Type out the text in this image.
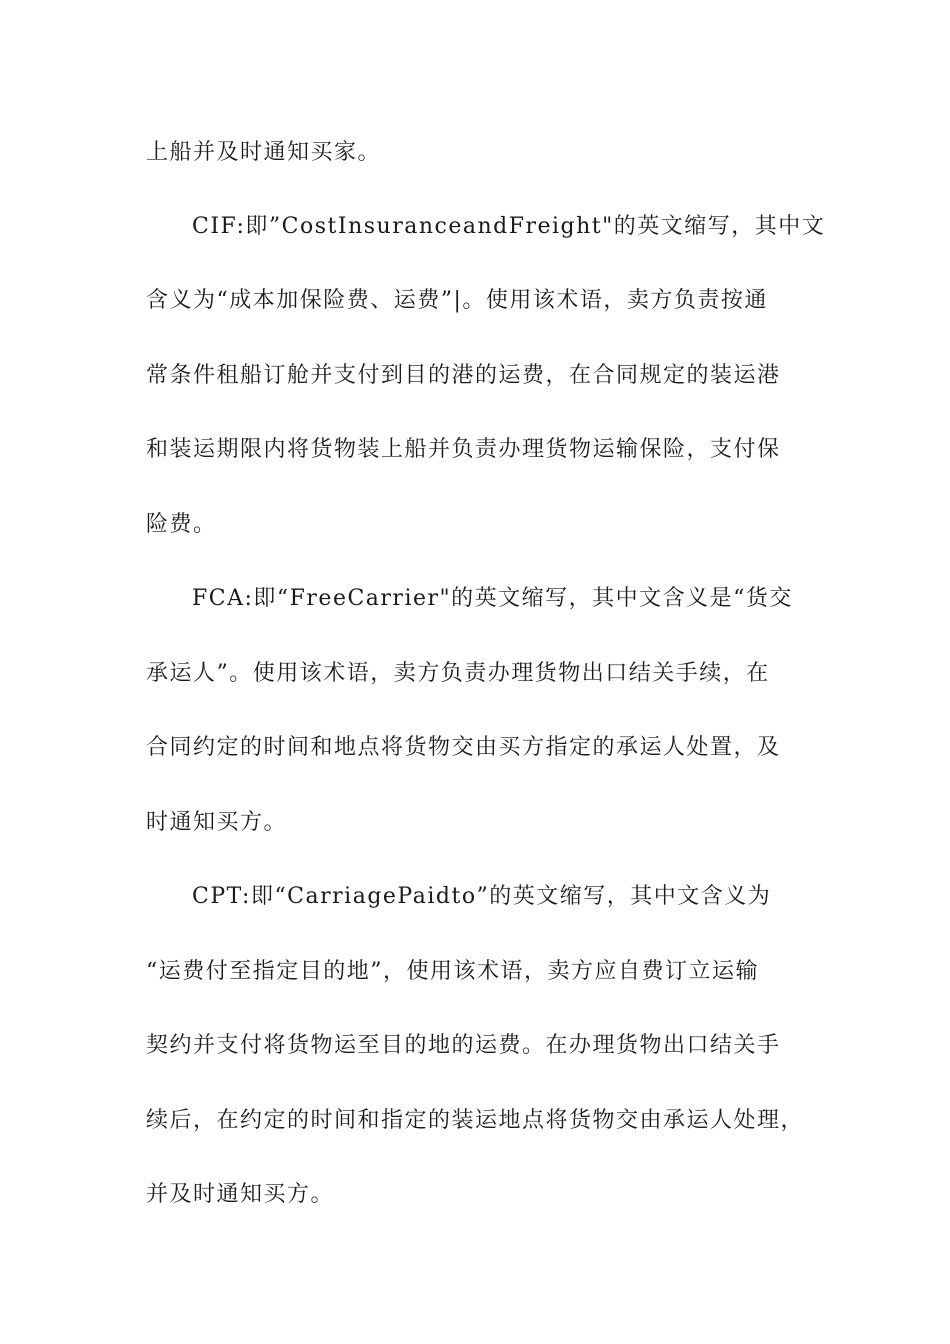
上船并及时通知买家。
CIF:即”CostInsuranceandFreight"的英文缩写，其中文
含义为“成本加保险费、运费”|。使用该术语，卖方负责按通
常条件租船订舱并支付到目的港的运费，在合同规定的装运港
和装运期限内将货物装上船并负责办理货物运输保险，支付保
险费。
FCA:即“FreeCarrier"的英文缩写，其中文含义是“货交
承运人”。使用该术语，卖方负责办理货物出口结关手续，在
合同约定的时间和地点将货物交由买方指定的承运人处置，及
时通知买方。
CPT:即“CarriagePaidto”的英文缩写，其中文含义为
“运费付至指定目的地”，使用该术语，卖方应自费订立运输
契约并支付将货物运至目的地的运费。在办理货物出口结关手
续后，在约定的时间和指定的装运地点将货物交由承运人处理，
并及时通知买方。
